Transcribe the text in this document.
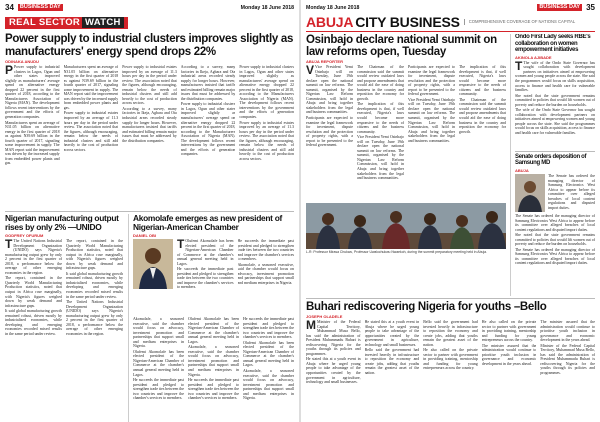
34	BUSINESS DAY	Monday 18 June 2018
REAL SECTOR WATCH
Power supply to industrial clusters improves slightly as manufacturers' energy spend drops 22%
ODINAKA ANUDU

P Power supply to industrial clusters in Lagos, Ogun and other states improved slightly as manufacturers' average spend on alternative energy dropped 22 percent in the first quarter of 2018, according to the Manufacturers Association of Nigeria (MAN). The development follows recent interventions by the government and the efforts of generation companies.

Manufacturers spent an average of N31.05 billion on alternative energy in the first quarter of 2018 as against N39.69 billion in the fourth quarter of 2017, signaling some improvement in supply. The MAN report said the improvement was driven by the increased supply from embedded power plants and gas.

Manufacturers spent an average of N31.05 billion on alternative energy in the first quarter of 2018 as against N39.69 billion in the fourth quarter of 2017, signaling some improvement in supply. The MAN report said the improvement was driven by the increased supply from embedded power plants and gas.

Power supply to industrial estates improved by an average of 11.3 hours per day in the period under review. The association noted that the figures, although encouraging, remain below the needs of industrial clusters and still add heavily to the cost of production across sectors.

Power supply to industrial estates improved by an average of 11.3 hours per day in the period under review. The association noted that the figures, although encouraging, remain below the needs of industrial clusters and still add heavily to the cost of production across sectors.

According to a survey, many factories in Ikeja, Agbara and Ota industrial areas recorded steady supply for longer hours. However, manufacturers insisted that tariffs and estimated billing remain major issues that must be addressed by the distribution companies.

According to a survey, many factories in Ikeja, Agbara and Ota industrial areas recorded steady supply for longer hours. However, manufacturers insisted that tariffs and estimated billing remain major issues that must be addressed by the distribution companies.

Power supply to industrial clusters in Lagos, Ogun and other states improved slightly as manufacturers' average spend on alternative energy dropped 22 percent in the first quarter of 2018, according to the Manufacturers Association of Nigeria (MAN). The development follows recent interventions by the government and the efforts of generation companies.

Power supply to industrial clusters in Lagos, Ogun and other states improved slightly as manufacturers' average spend on alternative energy dropped 22 percent in the first quarter of 2018, according to the Manufacturers Association of Nigeria (MAN). The development follows recent interventions by the government and the efforts of generation companies.

Power supply to industrial estates improved by an average of 11.3 hours per day in the period under review. The association noted that the figures, although encouraging, remain below the needs of industrial clusters and still add heavily to the cost of production across sectors.

Nigerian manufacturing output rises by only 2% —UNIDO
GODFREY OFURUM

T The United Nations Industrial Development Organization (UNIDO) says Nigeria's manufacturing output grew by only 2 percent in the first quarter of 2018, a performance below the average of other emerging economies in the region.

The report, contained in the Quarterly World Manufacturing Production statistics, noted that output in Africa rose marginally, with Nigeria's figures weighed down by weak demand and infrastructure gaps.

It said global manufacturing growth remained robust, driven mostly by industrialised economies, while developing and emerging economies recorded mixed results in the same period under review.

The report, contained in the Quarterly World Manufacturing Production statistics, noted that output in Africa rose marginally, with Nigeria's figures weighed down by weak demand and infrastructure gaps.

It said global manufacturing growth remained robust, driven mostly by industrialised economies, while developing and emerging economies recorded mixed results in the same period under review.

The United Nations Industrial Development Organization (UNIDO) says Nigeria's manufacturing output grew by only 2 percent in the first quarter of 2018, a performance below the average of other emerging economies in the region.

Akomolafe emerges as new president of Nigerian-American Chamber
DANIEL OBI

T Olufemi Akomolafe has been elected president of the Nigerian-American Chamber of Commerce at the chamber's annual general meeting held in Lagos.

He succeeds the immediate past president and pledged to strengthen trade ties between the two countries and improve the chamber's services to members.

He succeeds the immediate past president and pledged to strengthen trade ties between the two countries and improve the chamber's services to members.

Akomolafe, a seasoned executive, said the chamber would focus on advocacy, investment promotion and partnerships that support small and medium enterprises in Nigeria.

Akomolafe, a seasoned executive, said the chamber would focus on advocacy, investment promotion and partnerships that support small and medium enterprises in Nigeria.

Olufemi Akomolafe has been elected president of the Nigerian-American Chamber of Commerce at the chamber's annual general meeting held in Lagos.

He succeeds the immediate past president and pledged to strengthen trade ties between the two countries and improve the chamber's services to members.

Olufemi Akomolafe has been elected president of the Nigerian-American Chamber of Commerce at the chamber's annual general meeting held in Lagos.

Akomolafe, a seasoned executive, said the chamber would focus on advocacy, investment promotion and partnerships that support small and medium enterprises in Nigeria.

He succeeds the immediate past president and pledged to strengthen trade ties between the two countries and improve the chamber's services to members.

He succeeds the immediate past president and pledged to strengthen trade ties between the two countries and improve the chamber's services to members.

Olufemi Akomolafe has been elected president of the Nigerian-American Chamber of Commerce at the chamber's annual general meeting held in Lagos.

Akomolafe, a seasoned executive, said the chamber would focus on advocacy, investment promotion and partnerships that support small and medium enterprises in Nigeria.

Monday 18 June 2018	BUSINESS DAY 35
ABUJA CITY BUSINESS	COMPREHENSIVE COVERAGE OF NATIONS CAPITAL
Osinbajo declare national summit on law reforms open, Tuesday
ABUJA REPORTER

V Vice President Yemi Osinbajo will on Tuesday, June 19th declare open the national summit on law reforms. The summit, organised by the Nigerian Law Reform Commission, will hold in Abuja and bring together stakeholders from the legal and business communities.

Participants are expected to examine the legal framework for investment, dispute resolution and the protection of property rights, with a report to be presented to the federal government.

The Chairman of the commission said the summit would review outdated laws and propose amendments that would aid the ease of doing business in the country and reposition the economy for growth.

The implication of this development is that, if well executed, Nigeria's laws would become more responsive to the needs of citizens and the business community.

Vice President Yemi Osinbajo will on Tuesday, June 19th declare open the national summit on law reforms. The summit, organised by the Nigerian Law Reform Commission, will hold in Abuja and bring together stakeholders from the legal and business communities.

Participants are expected to examine the legal framework for investment, dispute resolution and the protection of property rights, with a report to be presented to the federal government.

Vice President Yemi Osinbajo will on Tuesday, June 19th declare open the national summit on law reforms. The summit, organised by the Nigerian Law Reform Commission, will hold in Abuja and bring together stakeholders from the legal and business communities.

The implication of this development is that, if well executed, Nigeria's laws would become more responsive to the needs of citizens and the business community.

The Chairman of the commission said the summit would review outdated laws and propose amendments that would aid the ease of doing business in the country and reposition the economy for growth.

L-R: Professor Mirasa Chukwu, Professor Uwalochukwu Nwaekoh, during the summit preparatory meeting held in Abuja.
Ondo First Lady seeks RBE's collaboration on women empowerment initiatives
AKINOLA AJIBADE

T The wife of the Ondo State Governor has sought collaboration with development partners on initiatives aimed at empowering women and young people across the state. She said the programmes would focus on skills acquisition, access to finance and health care for vulnerable families.

She noted that the state government remains committed to policies that would lift women out of poverty and reduce the burden on households.

The wife of the Ondo State Governor has sought collaboration with development partners on initiatives aimed at empowering women and young people across the state. She said the programmes would focus on skills acquisition, access to finance and health care for vulnerable families.

Senate orders deposition of Samsung MD
ABUJA

The Senate has ordered the managing director of Samsung Electronics West Africa to appear before its committee over alleged breaches of local content regulations and disputed import duties.

The Senate has ordered the managing director of Samsung Electronics West Africa to appear before its committee over alleged breaches of local content regulations and disputed import duties.

She noted that the state government remains committed to policies that would lift women out of poverty and reduce the burden on households.

The Senate has ordered the managing director of Samsung Electronics West Africa to appear before its committee over alleged breaches of local content regulations and disputed import duties.

Buhari rediscovering Nigeria for youths –Bello
JOSEPH OLADELE

M Minister of the Federal Capital Territory, Muhammad Musa Bello, has said the administration of President Muhammadu Buhari is rediscovering Nigeria for the youths through its policies and programmes.

He stated this at a youth event in Abuja where he urged young people to take advantage of the opportunities created by the government in agriculture, technology and small businesses.

He stated this at a youth event in Abuja where he urged young people to take advantage of the opportunities created by the government in agriculture, technology and small businesses.

Bello said the government had invested heavily in infrastructure to reposition the economy and create jobs, adding that youths remain the greatest asset of the nation.

Bello said the government had invested heavily in infrastructure to reposition the economy and create jobs, adding that youths remain the greatest asset of the nation.

He also called on the private sector to partner with government in providing training, mentorship and funding for young entrepreneurs across the country.

He also called on the private sector to partner with government in providing training, mentorship and funding for young entrepreneurs across the country.

The minister assured that the administration would continue to prioritise youth inclusion in governance and economic development in the years ahead.

The minister assured that the administration would continue to prioritise youth inclusion in governance and economic development in the years ahead.

Minister of the Federal Capital Territory, Muhammad Musa Bello, has said the administration of President Muhammadu Buhari is rediscovering Nigeria for the youths through its policies and programmes.
